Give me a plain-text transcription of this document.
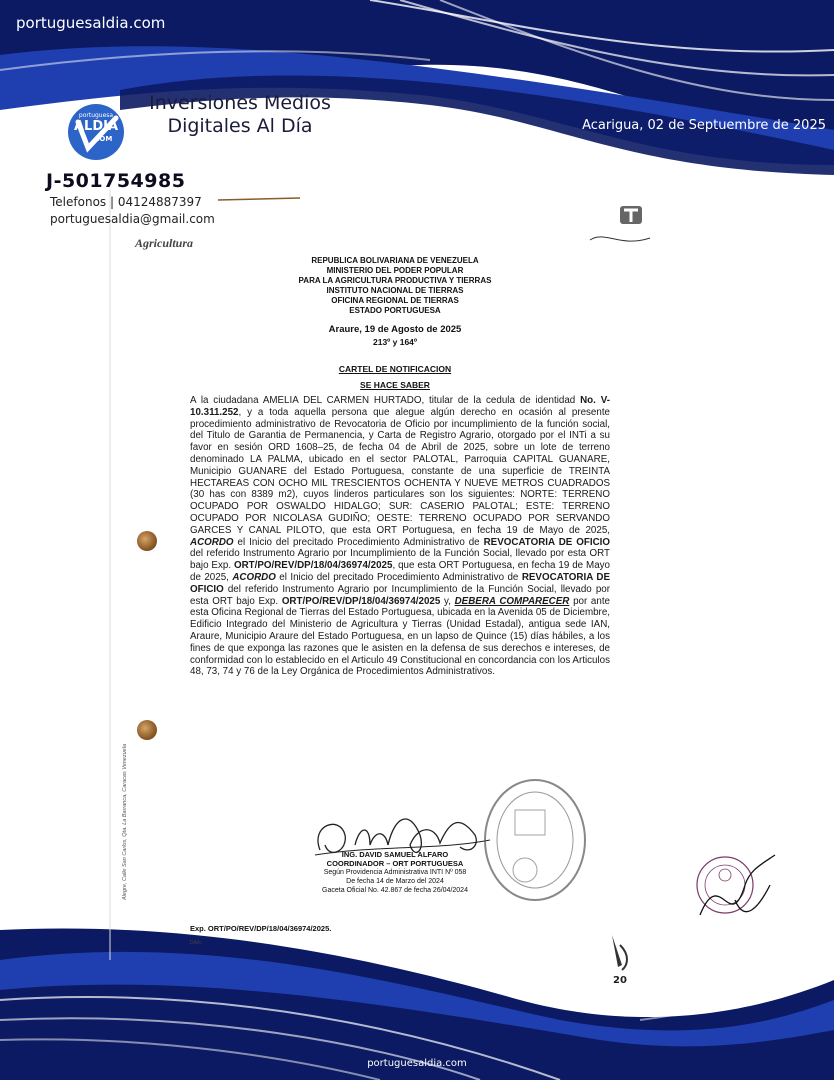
portuguesaldia.com
portuguesa
ALDIA
.COM
Inversiones Medios
Digitales Al Día	Acarigua, 02 de Septuembre de 2025
J-501754985
Telefonos | 04124887397
portuguesaldia@gmail.com
Agricultura
REPUBLICA BOLIVARIANA DE VENEZUELA
MINISTERIO DEL PODER POPULAR
PARA LA AGRICULTURA PRODUCTIVA Y TIERRAS
INSTITUTO NACIONAL DE TIERRAS
OFICINA REGIONAL DE TIERRAS
ESTADO PORTUGUESA
Araure, 19 de Agosto de 2025
213º y 164º
CARTEL DE NOTIFICACION
SE HACE SABER
A la ciudadana AMELIA DEL CARMEN HURTADO, titular de la cedula de identidad No. V-10.311.252, y a toda aquella persona que alegue algún derecho en ocasión al presente procedimiento administrativo de Revocatoria de Oficio por incumplimiento de la función social, del Titulo de Garantia de Permanencia, y Carta de Registro Agrario, otorgado por el INTi a su favor en sesión ORD 1608–25, de fecha 04 de Abril de 2025, sobre un lote de terreno denominado LA PALMA, ubicado en el sector PALOTAL, Parroquia CAPITAL GUANARE, Municipio GUANARE del Estado Portuguesa, constante de una superficie de TREINTA HECTAREAS CON OCHO MIL TRESCIENTOS OCHENTA Y NUEVE METROS CUADRADOS (30 has con 8389 m2), cuyos linderos particulares son los siguientes: NORTE: TERRENO OCUPADO POR OSWALDO HIDALGO; SUR: CASERIO PALOTAL; ESTE: TERRENO OCUPADO POR NICOLASA GUDIÑO; OESTE: TERRENO OCUPADO POR SERVANDO GARCES Y CANAL PILOTO, que esta ORT Portuguesa, en fecha 19 de Mayo de 2025, ACORDO el Inicio del precitado Procedimiento Administrativo de REVOCATORIA DE OFICIO del referido Instrumento Agrario por Incumplimiento de la Función Social, llevado por esta ORT bajo Exp. ORT/PO/REV/DP/18/04/36974/2025, que esta ORT Portuguesa, en fecha 19 de Mayo de 2025, ACORDO el Inicio del precitado Procedimiento Administrativo de REVOCATORIA DE OFICIO del referido Instrumento Agrario por Incumplimiento de la Función Social, llevado por esta ORT bajo Exp. ORT/PO/REV/DP/18/04/36974/2025 y, DEBERA COMPARECER por ante esta Oficina Regional de Tierras del Estado Portuguesa, ubicada en la Avenida 05 de Diciembre, Edificio Integrado del Ministerio de Agricultura y Tierras (Unidad Estadal), antigua sede IAN, Araure, Municipio Araure del Estado Portuguesa, en un lapso de Quince (15) días hábiles, a los fines de que exponga las razones que le asisten en la defensa de sus derechos e intereses, de conformidad con lo establecido en el Articulo 49 Constitucional en concordancia con los Articulos 48, 73, 74 y 76 de la Ley Orgánica de Procedimientos Administrativos.
ING. DAVID SAMUEL ALFARO
COORDINADOR – ORT PORTUGUESA
Según Providencia Administrativa INTI Nº 058
De fecha 14 de Marzo del 2024
Gaceta Oficial No. 42.867 de fecha 26/04/2024
Alegre, Calle San Carlos, Qta. La Barranca, Caracas Venezuela
Exp. ORT/PO/REV/DP/18/04/36974/2025.
DA/ir.
20
portuguesaldia.com
